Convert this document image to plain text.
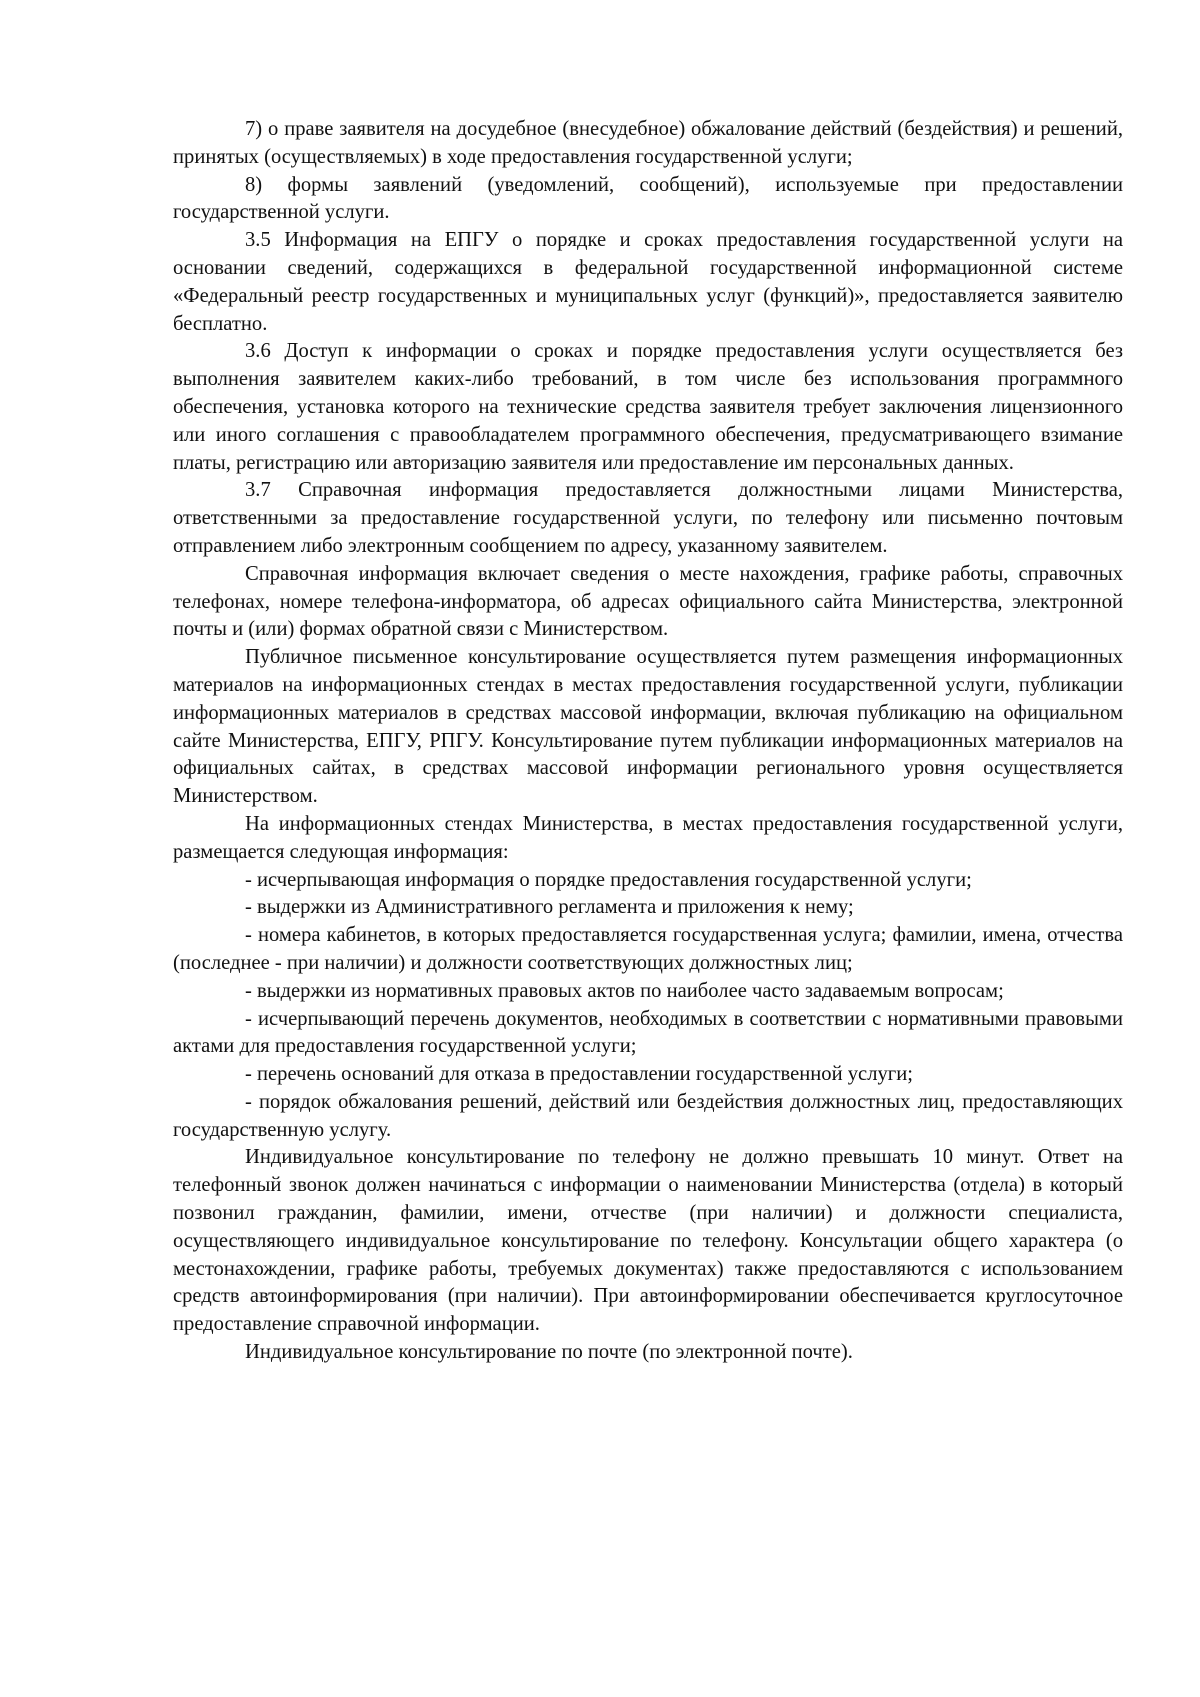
7) о праве заявителя на досудебное (внесудебное) обжалование действий (бездействия) и решений, принятых (осуществляемых) в ходе предоставления государственной услуги;

8) формы заявлений (уведомлений, сообщений), используемые при предоставлении государственной услуги.

3.5 Информация на ЕПГУ о порядке и сроках предоставления государственной услуги на основании сведений, содержащихся в федеральной государственной информационной системе «Федеральный реестр государственных и муниципальных услуг (функций)», предоставляется заявителю бесплатно.

3.6 Доступ к информации о сроках и порядке предоставления услуги осуществляется без выполнения заявителем каких-либо требований, в том числе без использования программного обеспечения, установка которого на технические средства заявителя требует заключения лицензионного или иного соглашения с правообладателем программного обеспечения, предусматривающего взимание платы, регистрацию или авторизацию заявителя или предоставление им персональных данных.

3.7 Справочная информация предоставляется должностными лицами Министерства, ответственными за предоставление государственной услуги, по телефону или письменно почтовым отправлением либо электронным сообщением по адресу, указанному заявителем.

Справочная информация включает сведения о месте нахождения, графике работы, справочных телефонах, номере телефона-информатора, об адресах официального сайта Министерства, электронной почты и (или) формах обратной связи с Министерством.

Публичное письменное консультирование осуществляется путем размещения информационных материалов на информационных стендах в местах предоставления государственной услуги, публикации информационных материалов в средствах массовой информации, включая публикацию на официальном сайте Министерства, ЕПГУ, РПГУ. Консультирование путем публикации информационных материалов на официальных сайтах, в средствах массовой информации регионального уровня осуществляется Министерством.

На информационных стендах Министерства, в местах предоставления государственной услуги, размещается следующая информация:

- исчерпывающая информация о порядке предоставления государственной услуги;

- выдержки из Административного регламента и приложения к нему;

- номера кабинетов, в которых предоставляется государственная услуга; фамилии, имена, отчества (последнее - при наличии) и должности соответствующих должностных лиц;

- выдержки из нормативных правовых актов по наиболее часто задаваемым вопросам;

- исчерпывающий перечень документов, необходимых в соответствии с нормативными правовыми актами для предоставления государственной услуги;

- перечень оснований для отказа в предоставлении государственной услуги;

- порядок обжалования решений, действий или бездействия должностных лиц, предоставляющих государственную услугу.

Индивидуальное консультирование по телефону не должно превышать 10 минут. Ответ на телефонный звонок должен начинаться с информации о наименовании Министерства (отдела) в который позвонил гражданин, фамилии, имени, отчестве (при наличии) и должности специалиста, осуществляющего индивидуальное консультирование по телефону. Консультации общего характера (о местонахождении, графике работы, требуемых документах) также предоставляются с использованием средств автоинформирования (при наличии). При автоинформировании обеспечивается круглосуточное предоставление справочной информации.

Индивидуальное консультирование по почте (по электронной почте).
